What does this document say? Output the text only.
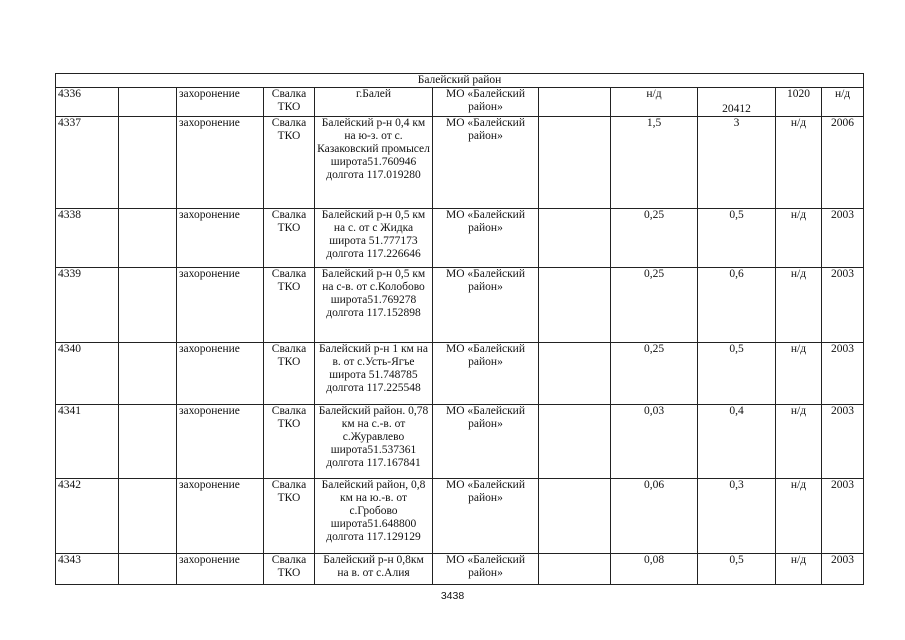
Балейский район										
4336		захоронение	Свалка ТКО	г.Балей	МО «Балейский район»		н/д	20412	1020	н/д
4337		захоронение	Свалка ТКО	Балейский р-н 0,4 км на ю-з. от с. Казаковский промысел широта51.760946 долгота 117.019280	МО «Балейский район»		1,5	3	н/д	2006
4338		захоронение	Свалка ТКО	Балейский р-н 0,5 км на с. от с Жидка широта 51.777173 долгота 117.226646	МО «Балейский район»		0,25	0,5	н/д	2003
4339		захоронение	Свалка ТКО	Балейский р-н 0,5 км на с-в. от с.Колобово широта51.769278 долгота 117.152898	МО «Балейский район»		0,25	0,6	н/д	2003
4340		захоронение	Свалка ТКО	Балейский р-н 1 км на в. от с.Усть-Ягъе широта 51.748785 долгота 117.225548	МО «Балейский район»		0,25	0,5	н/д	2003
4341		захоронение	Свалка ТКО	Балейский район. 0,78 км на с.-в. от с.Журавлево широта51.537361 долгота 117.167841	МО «Балейский район»		0,03	0,4	н/д	2003
4342		захоронение	Свалка ТКО	Балейский район, 0,8 км на ю.-в. от с.Гробово широта51.648800 долгота 117.129129	МО «Балейский район»		0,06	0,3	н/д	2003
4343		захоронение	Свалка ТКО	Балейский р-н 0,8км на в. от с.Алия	МО «Балейский район»		0,08	0,5	н/д	2003
3438
